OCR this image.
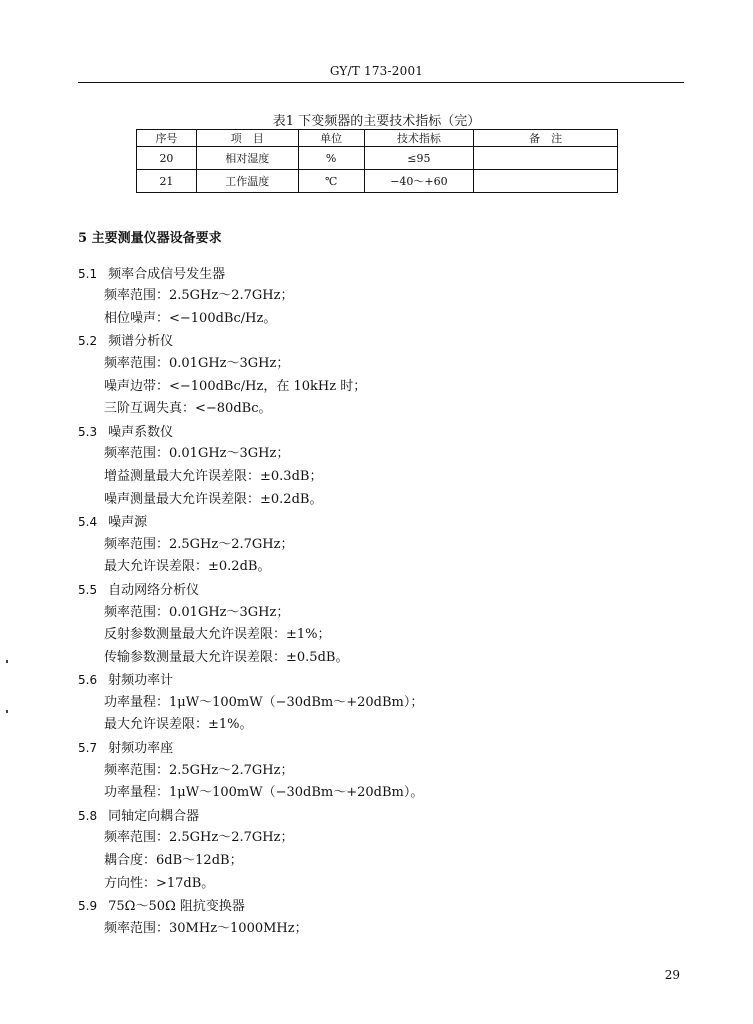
GY/T 173-2001
表1 下变频器的主要技术指标（完）
序号	项　目	单位	技术指标	备　注
20	相对湿度	%	≤95	
21	工作温度	℃	−40～+60	
5 主要测量仪器设备要求
5.1 频率合成信号发生器
频率范围：2.5GHz～2.7GHz；
相位噪声：<−100dBc/Hz。
5.2 频谱分析仪
频率范围：0.01GHz～3GHz；
噪声边带：<−100dBc/Hz，在 10kHz 时；
三阶互调失真：<−80dBc。
5.3 噪声系数仪
频率范围：0.01GHz～3GHz；
增益测量最大允许误差限：±0.3dB；
噪声测量最大允许误差限：±0.2dB。
5.4 噪声源
频率范围：2.5GHz～2.7GHz；
最大允许误差限：±0.2dB。
5.5 自动网络分析仪
频率范围：0.01GHz～3GHz；
反射参数测量最大允许误差限：±1%；
传输参数测量最大允许误差限：±0.5dB。
5.6 射频功率计
功率量程：1μW～100mW（−30dBm～+20dBm）；
最大允许误差限：±1%。
5.7 射频功率座
频率范围：2.5GHz～2.7GHz；
功率量程：1μW～100mW（−30dBm～+20dBm）。
5.8 同轴定向耦合器
频率范围：2.5GHz～2.7GHz；
耦合度：6dB～12dB；
方向性：>17dB。
5.9 75Ω～50Ω 阻抗变换器
频率范围：30MHz～1000MHz；
29
